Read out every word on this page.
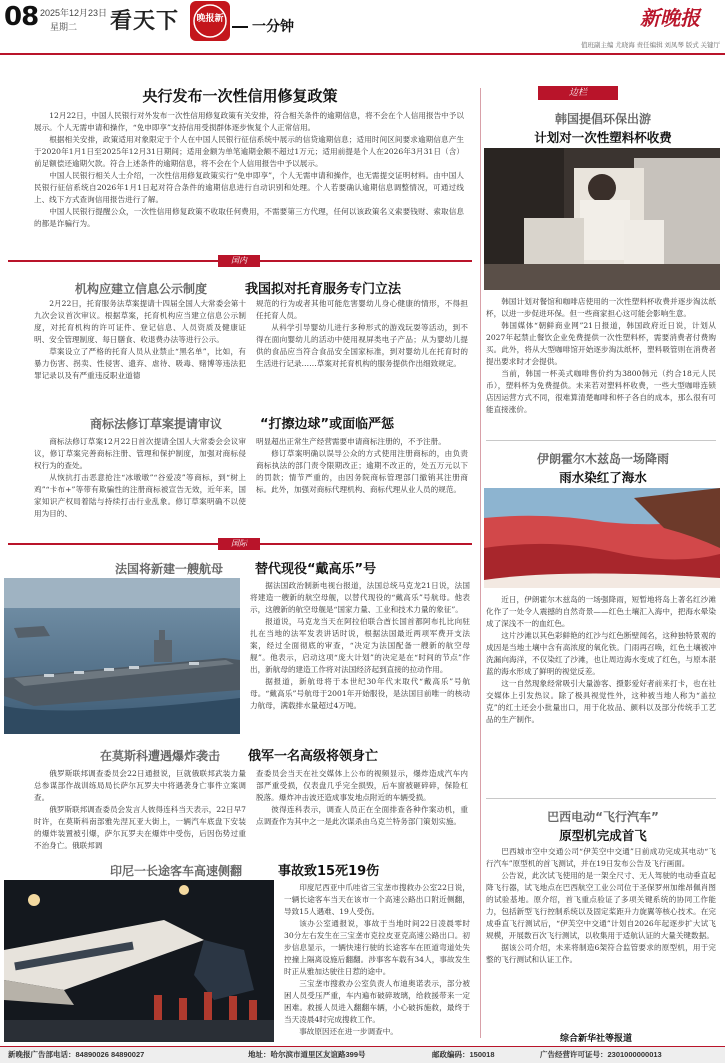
08 2025年12月23日
星期二 看天下 晚报新 一分钟	新晚报
值班副主编 尤晓海 责任编辑 刘凤琴 版式 关键厅
央行发布一次性信用修复政策

12月22日，中国人民银行对外发布一次性信用修复政策有关安排，符合相关条件的逾期信息，将不会在个人信用报告中予以展示。个人无需申请和操作，“免申即享”支持信用受损群体逐步恢复个人正常信用。

根据相关安排，政策适用对象限定于个人在中国人民银行征信系统中展示的信贷逾期信息；适用时间区间要求逾期信息产生于2020年1月1日至2025年12月31日期间；适用金额为单笔逾期金额不超过1万元；适用前提是个人在2026年3月31日（含）前足额偿还逾期欠款。符合上述条件的逾期信息，将不会在个人信用报告中予以展示。

中国人民银行相关人士介绍，一次性信用修复政策实行“免申即享”，个人无需申请和操作，也无需提交证明材料。由中国人民银行征信系统自2026年1月1日起对符合条件的逾期信息进行自动识别和处理。个人若要确认逾期信息调整情况，可通过线上、线下方式查询信用报告进行了解。

中国人民银行提醒公众，一次性信用修复政策不收取任何费用，不需要第三方代理，任何以该政策名义索要钱财、索取信息的都是诈骗行为。

国内
机构应建立信息公示制度	我国拟对托育服务专门立法

2月22日，托育服务法草案提请十四届全国人大常委会第十九次会议首次审议。根据草案，托育机构应当建立信息公示制度，对托育机构的许可证件、登记信息、人员资质及健康证明、安全管理制度、每日膳食、收退费办法等进行公示。

草案设立了严格的托育人员从业禁止“黑名单”，比如，有暴力伤害、拐卖、性侵害、遗弃、虐待、吸毒、赌博等违法犯罪记录以及有严重违反职业道德

规范的行为或者其他可能危害婴幼儿身心健康的情形，不得担任托育人员。

从科学引导婴幼儿进行多种形式的游戏玩耍等活动，到不得在面向婴幼儿的活动中使用视屏类电子产品；从为婴幼儿提供的食品应当符合食品安全国家标准，到对婴幼儿在托育时的生活进行记录……草案对托育机构的服务提供作出细致规定。

商标法修订草案提请审议	“打擦边球”或面临严惩

商标法修订草案12月22日首次提请全国人大常委会会议审议，修订草案完善商标注册、管理和保护制度，加强对商标侵权行为的查处。

从恢抗打击恶意抢注“冰墩墩”“谷爱凌”等商标，到“树上鸡”“卡布+”等带有欺骗性的注册商标被宣告无效，近年来，国家知识产权局着陆与持续打击行业乱象。修订草案明确不以使用为目的、

明显超出正常生产经营需要申请商标注册的，不予注册。

修订草案明确以误导公众的方式使用注册商标的，由负责商标执法的部门责令限期改正；逾期不改正的，处五万元以下的罚款；情节严重的，由因务院商标管理部门撤销其注册商标。此外，加强对商标代理机构、商标代理从业人员的规范。

国际
法国将新建一艘航母 替代现役“戴高乐”号

据法国政治制新电视台报道，法国总统马克龙21日说，法国将建造一艘新的航空母舰，以替代现役的“戴高乐”号航母。他表示，这艘新的航空母舰是“国家力量、工业和技术力量的象征”。

报道说，马克龙当天在阿拉伯联合酋长国首都阿布扎比向驻扎在当地的法军发表讲话时说，根据法国最近两项军费开支法案，经过全面彻底的审查，“决定为法国配备一艘新的航空母舰”。他表示，启动这项“庞大计划”的决定是在“时间的节点”作出，新航母的建造工作将对法国经济起到直接的拉动作用。

据报道，新航母将于本世纪30年代末取代“戴高乐”号航母。“戴高乐”号航母于2001年开始服役，是法国目前唯一的核动力航母，满载排水量超过4万吨。

在莫斯科遭遇爆炸袭击 俄军一名高级将领身亡

俄罗斯联邦调查委员会22日通报说，巨就俄联邦武装力量总参谋部作战训练局局长萨尔瓦罗夫中将遇袭身亡事件立案调查。

俄罗斯联邦调查委员会发言人彼得连科当天表示，22日早7时许，在莫斯科南部雅先涅瓦亚大街上，一辆汽车底盘下安装的爆炸装置被引爆，萨尔瓦罗夫在爆炸中受伤，后因伤势过重不治身亡。俄联邦调

查委员会当天在社交媒体上公布的视频显示，爆炸造成汽车内部严重受损，仅表盘几乎完全损毁，后车窗被砸碎碎，保险杠脱落。爆炸冲击波还造成事发地点附近的车辆受损。

彼得连科表示，调查人员正在全面排查各种作案动机，重点调查作为其中之一是此次谋杀由乌克兰特务部门策划实施。

印尼一长途客车高速侧翻	事故致15死19伤

印度尼西亚中爪哇省三宝垄市搜救办公室22日说，一辆长途客车当天在该市一个高速公路出口附近侧翻，导致15人遇难、19人受伤。

该办公室通报说，事故于当地时间22日凌晨零时30分左右发生在三宝垄市克拉皮亚克高速公路出口。初步信息显示，一辆快速行驶的长途客车在匝道弯道处失控撞上隔离设施后翻翻。涉事客车载有34人，事故发生时正从雅加达驶往日惹的途中。

三宝垄市搜救办公室负责人布迪奥诺表示，部分被困人员受压严重，车内遍布破碎玻璃，给救援带来一定困难。救援人员进入翻翻车辆，小心破拆施救，最终于当天凌晨4时完成搜救工作。

事故原因还在进一步调查中。

边栏
韩国提倡环保出游
计划对一次性塑料杯收费

韩国计划对餐馆和咖啡店使用的一次性塑料杯收费并逐步淘汰纸杯，以进一步促进环保。但一些商家担心这可能会影响生意。

韩国媒体“朝鲜商业网”21日报道，韩国政府近日说，计划从2027年起禁止餐饮企业免费提供一次性塑料杯，需要消费者付费购买。此外，将从大型咖啡馆开始逐步淘汰纸杯，塑料吸管则在消费者提出要求时才会提供。

当前，韩国一杯美式咖啡售价约为3800韩元（约合18元人民币），塑料杯为免费提供。未来若对塑料杯收费，一些大型咖啡连锁店因运营方式不同，很难算清楚咖啡和杯子各自的成本，那么很有可能直接涨价。

伊朗霍尔木兹岛一场降雨
雨水染红了海水

近日，伊朗霍尔木兹岛的一场强降雨，短暂地将岛上著名红沙滩化作了一处令人震撼的自然奇景——红色土壤汇入海中，把海水晕染成了深浅不一的血红色。

这片沙滩以其色彩鲜艳的红沙与红色断壁闻名，这种独特景观的成因是当地土壤中含有高浓度的氧化铁。门雨再召唤，红色土壤被冲洗漏向海洋，不仅染红了沙滩，也让周边海水变成了红色，与原本湛蓝的海水形成了鲜明的视觉反差。

这一自然现象经常吸引大量游客、摄影爱好者前来打卡，也在社交媒体上引发热议。除了极具视觉性外，这种被当地人称为“盖拉克”的红土还会小批量出口，用于化妆品、颜料以及部分传统手工艺品的生产制作。

巴西电动“飞行汽车”
原型机完成首飞

巴西城市空中交通公司“伊芙空中交通”日前成功完成其电动“飞行汽车”原型机的首飞测试，并在19日发布公告及飞行画面。

公告说，此次试飞使用的是一架全尺寸、无人驾驶的电动垂直起降飞行器，试飞地点在巴西航空工业公司位于圣保罗州加维昂佩肖图的试验基地。原介绍，首飞重点验证了多项关键系统的协同工作能力，包括新型飞行控制系统以及固定桨距升力旋翼等核心技术。在完成垂直飞行测试后，“伊芙空中交通”计划自2026年起逐步扩大试飞规模，开展数百次飞行测试，以收集用于适航认证的大量关键数据。

据该公司介绍，未来将制造6架符合监管要求的原型机，用于完整的飞行测试和认证工作。

综合新华社等报道
新晚报广告部电话：84890026 84890027	地址：哈尔滨市道里区友谊路399号	邮政编码：150018	广告经营许可证号：2301000000013
